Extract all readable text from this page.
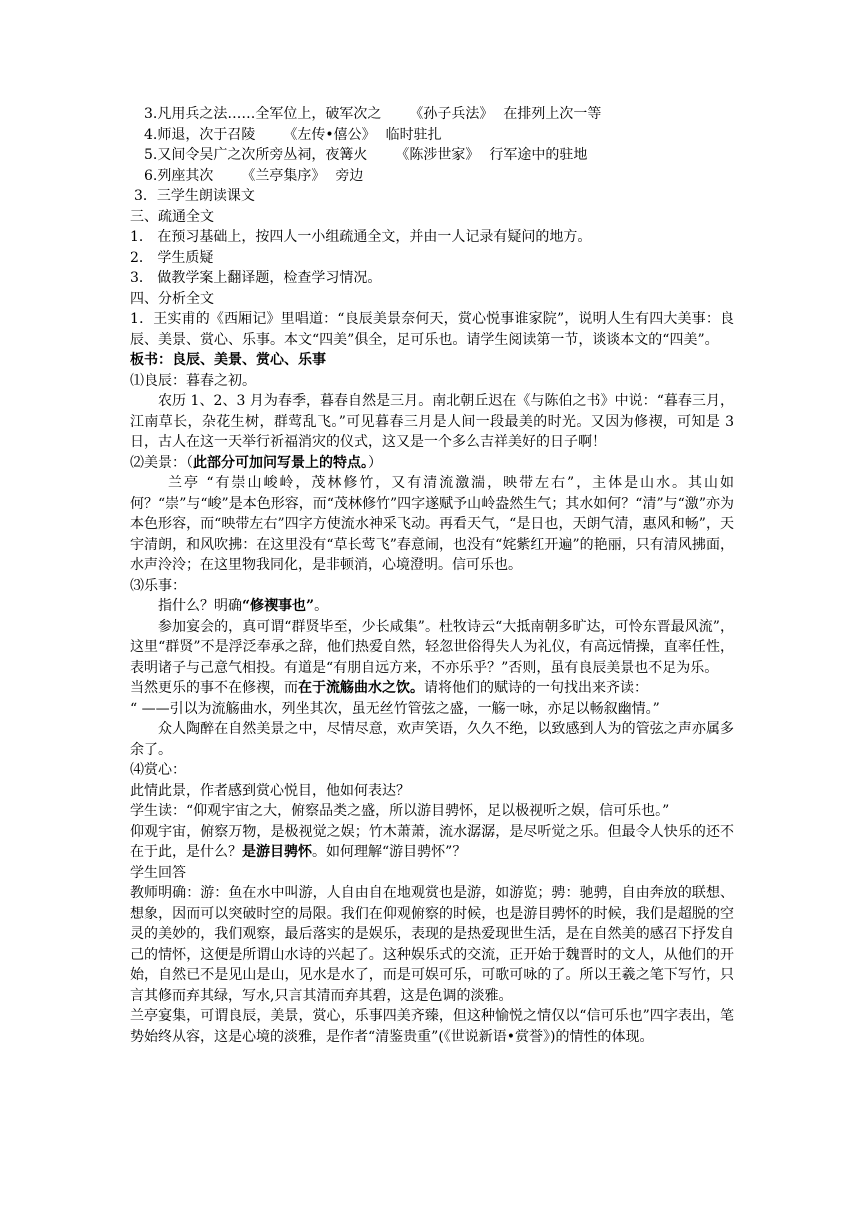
3.凡用兵之法……全军位上，破军次之 《孙子兵法》 在排列上次一等
4.师退，次于召陵 《左传•僖公》 临时驻扎
5.又间令吴广之次所旁丛祠，夜篝火 《陈涉世家》 行军途中的驻地
6.列座其次 《兰亭集序》 旁边
3．三学生朗读课文
三、疏通全文
1． 在预习基础上，按四人一小组疏通全文，并由一人记录有疑问的地方。
2． 学生质疑
3． 做教学案上翻译题，检查学习情况。
四、分析全文
1．王实甫的《西厢记》里唱道：“良辰美景奈何天，赏心悦事谁家院”，说明人生有四大美事：良辰、美景、赏心、乐事。本文“四美”俱全，足可乐也。请学生阅读第一节，谈谈本文的“四美”。
板书：良辰、美景、赏心、乐事
⑴良辰：暮春之初。
农历 1、2、3 月为春季，暮春自然是三月。南北朝丘迟在《与陈伯之书》中说：“暮春三月，江南草长，杂花生树，群莺乱飞。”可见暮春三月是人间一段最美的时光。又因为修禊，可知是 3 日，古人在这一天举行祈福消灾的仪式，这又是一个多么吉祥美好的日子啊！
⑵美景：（此部分可加问写景上的特点。）
兰亭 “有崇山峻岭，茂林修竹，又有清流激湍，映带左右”，主体是山水。其山如何？“崇”与“峻”是本色形容，而“茂林修竹”四字遂赋予山岭盎然生气；其水如何？“清”与“激”亦为本色形容，而“映带左右”四字方使流水神采飞动。再看天气，“是日也，天朗气清，惠风和畅”，天宇清朗，和风吹拂：在这里没有“草长莺飞”春意闹，也没有“姹紫红开遍”的艳丽，只有清风拂面，水声泠泠；在这里物我同化，是非顿消，心境澄明。信可乐也。
⑶乐事：
指什么？明确“修禊事也”。
参加宴会的，真可谓“群贤毕至，少长咸集”。杜牧诗云“大抵南朝多旷达，可怜东晋最风流”，这里“群贤”不是浮泛奉承之辞，他们热爱自然，轻忽世俗得失人为礼仪，有高远情操，直率任性，表明诸子与己意气相投。有道是“有朋自远方来，不亦乐乎？”否则，虽有良辰美景也不足为乐。
当然更乐的事不在修禊，而在于流觞曲水之饮。请将他们的赋诗的一句找出来齐读：
“ ——引以为流觞曲水，列坐其次，虽无丝竹管弦之盛，一觞一咏，亦足以畅叙幽情。”
众人陶醉在自然美景之中，尽情尽意，欢声笑语，久久不绝，以致感到人为的管弦之声亦属多余了。
⑷赏心：
此情此景，作者感到赏心悦目，他如何表达？
学生读：“仰观宇宙之大，俯察品类之盛，所以游目骋怀，足以极视听之娱，信可乐也。”
仰观宇宙，俯察万物，是极视觉之娱；竹木萧萧，流水潺潺，是尽听觉之乐。但最令人快乐的还不在于此，是什么？是游目骋怀。如何理解“游目骋怀”？
学生回答
教师明确：游：鱼在水中叫游，人自由自在地观赏也是游，如游览；骋：驰骋，自由奔放的联想、想象，因而可以突破时空的局限。我们在仰观俯察的时候，也是游目骋怀的时候，我们是超脱的空灵的美妙的，我们观察，最后落实的是娱乐，表现的是热爱现世生活，是在自然美的感召下抒发自己的情怀，这便是所谓山水诗的兴起了。这种娱乐式的交流，正开始于魏晋时的文人，从他们的开始，自然已不是见山是山，见水是水了，而是可娱可乐，可歌可咏的了。所以王羲之笔下写竹，只言其修而弃其绿，写水,只言其清而弃其碧，这是色调的淡雅。
兰亭宴集，可谓良辰，美景，赏心，乐事四美齐臻，但这种愉悦之情仅以“信可乐也”四字表出，笔势始终从容，这是心境的淡雅，是作者“清鉴贵重”(《世说新语•赏誉》)的情性的体现。
